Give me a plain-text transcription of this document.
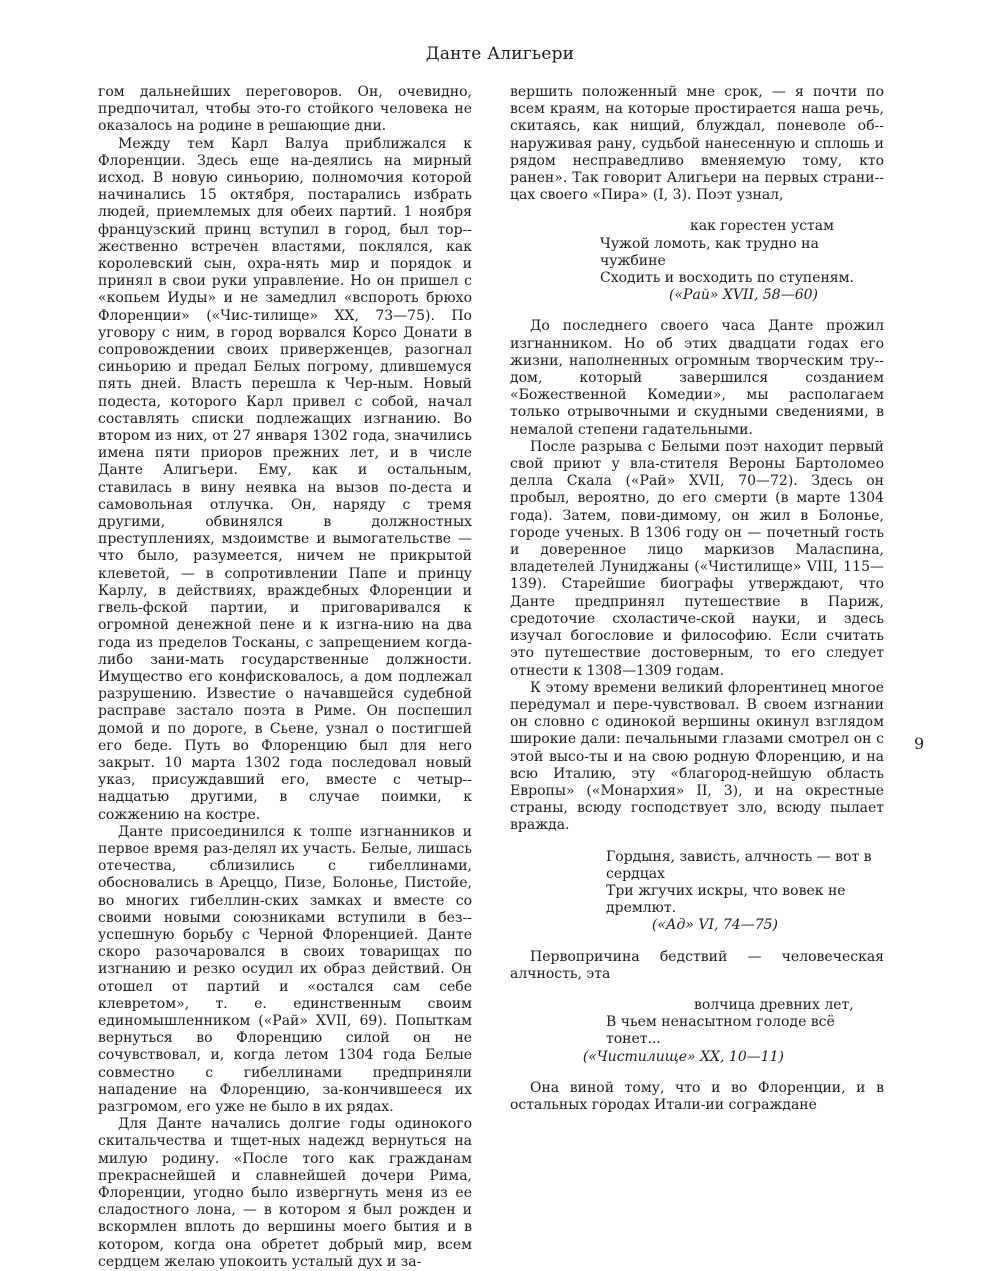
Данте Алигьери

гом дальнейших переговоров. Он, очевидно, предпочитал, чтобы это-го стойкого человека не оказалось на родине в решающие дни.

Между тем Карл Валуа приближался к Флоренции. Здесь еще на-деялись на мирный исход. В новую синьорию, полномочия которой начинались 15 октября, постарались избрать людей, приемлемых для обеих партий. 1 ноября французский принц вступил в город, был тор-жественно встречен властями, поклялся, как королевский сын, охра-нять мир и порядок и принял в свои руки управление. Но он пришел с «копьем Иуды» и не замедлил «вспороть брюхо Флоренции» («Чис-тилище» XX, 73—75). По уговору с ним, в город ворвался Корсо Донати в сопровождении своих приверженцев, разогнал синьорию и предал Белых погрому, длившемуся пять дней. Власть перешла к Чер-ным. Новый подеста, которого Карл привел с собой, начал составлять списки подлежащих изгнанию. Во втором из них, от 27 января 1302 года, значились имена пяти приоров прежних лет, и в числе Данте Алигьери. Ему, как и остальным, ставилась в вину неявка на вызов по-деста и самовольная отлучка. Он, наряду с тремя другими, обвинялся в должностных преступлениях, мздоимстве и вымогательстве — что было, разумеется, ничем не прикрытой клеветой, — в сопротивлении Папе и принцу Карлу, в действиях, враждебных Флоренции и гвель-фской партии, и приговаривался к огромной денежной пене и к изгна-нию на два года из пределов Тосканы, с запрещением когда-либо зани-мать государственные должности. Имущество его конфисковалось, а дом подлежал разрушению. Известие о начавшейся судебной расправе застало поэта в Риме. Он поспешил домой и по дороге, в Сьене, узнал о постигшей его беде. Путь во Флоренцию был для него закрыт. 10 марта 1302 года последовал новый указ, присуждавший его, вместе с четыр-надцатью другими, в случае поимки, к сожжению на костре.

Данте присоединился к толпе изгнанников и первое время раз-делял их участь. Белые, лишась отечества, сблизились с гибеллинами, обосновались в Ареццо, Пизе, Болонье, Пистойе, во многих гибеллин-ских замках и вместе со своими новыми союзниками вступили в без-успешную борьбу с Черной Флоренцией. Данте скоро разочаровался в своих товарищах по изгнанию и резко осудил их образ действий. Он отошел от партий и «остался сам себе клевретом», т. е. единственным своим единомышленником («Рай» XVII, 69). Попыткам вернуться во Флоренцию силой он не сочувствовал, и, когда летом 1304 года Белые совместно с гибеллинами предприняли нападение на Флоренцию, за-кончившееся их разгромом, его уже не было в их рядах.

Для Данте начались долгие годы одинокого скитальчества и тщет-ных надежд вернуться на милую родину. «После того как гражданам прекраснейшей и славнейшей дочери Рима, Флоренции, угодно было извергнуть меня из ее сладостного лона, — в котором я был рожден и вскормлен вплоть до вершины моего бытия и в котором, когда она обретет добрый мир, всем сердцем желаю упокоить усталый дух и за-

вершить положенный мне срок, — я почти по всем краям, на которые простирается наша речь, скитаясь, как нищий, блуждал, поневоле об-наруживая рану, судьбой нанесенную и сплошь и рядом несправедливо вменяемую тому, кто ранен». Так говорит Алигьери на первых страни-цах своего «Пира» (I, 3). Поэт узнал,

как горестен устам
Чужой ломоть, как трудно на чужбине
Сходить и восходить по ступеням.
(«Рай» XVII, 58—60)

До последнего своего часа Данте прожил изгнанником. Но об этих двадцати годах его жизни, наполненных огромным творческим тру-дом, который завершился созданием «Божественной Комедии», мы располагаем только отрывочными и скудными сведениями, в немалой степени гадательными.

После разрыва с Белыми поэт находит первый свой приют у вла-стителя Вероны Бартоломео делла Скала («Рай» XVII, 70—72). Здесь он пробыл, вероятно, до его смерти (в марте 1304 года). Затем, пови-димому, он жил в Болонье, городе ученых. В 1306 году он — почетный гость и доверенное лицо маркизов Маласпина, владетелей Луниджаны («Чистилище» VIII, 115—139). Старейшие биографы утверждают, что Данте предпринял путешествие в Париж, средоточие схоластиче-ской науки, и здесь изучал богословие и философию. Если считать это путешествие достоверным, то его следует отнести к 1308—1309 годам.

К этому времени великий флорентинец многое передумал и пере-чувствовал. В своем изгнании он словно с одинокой вершины окинул взглядом широкие дали: печальными глазами смотрел он с этой высо-ты и на свою родную Флоренцию, и на всю Италию, эту «благород-нейшую область Европы» («Монархия» II, 3), и на окрестные страны, всюду господствует зло, всюду пылает вражда.

Гордыня, зависть, алчность — вот в сердцах
Три жгучих искры, что вовек не дремлют.
(«Ад» VI, 74—75)

Первопричина бедствий — человеческая алчность, эта

волчица древних лет,
В чьем ненасытном голоде всё тонет...
(«Чистилище» XX, 10—11)

Она виной тому, что и во Флоренции, и в остальных городах Итали-ии сограждане

9
